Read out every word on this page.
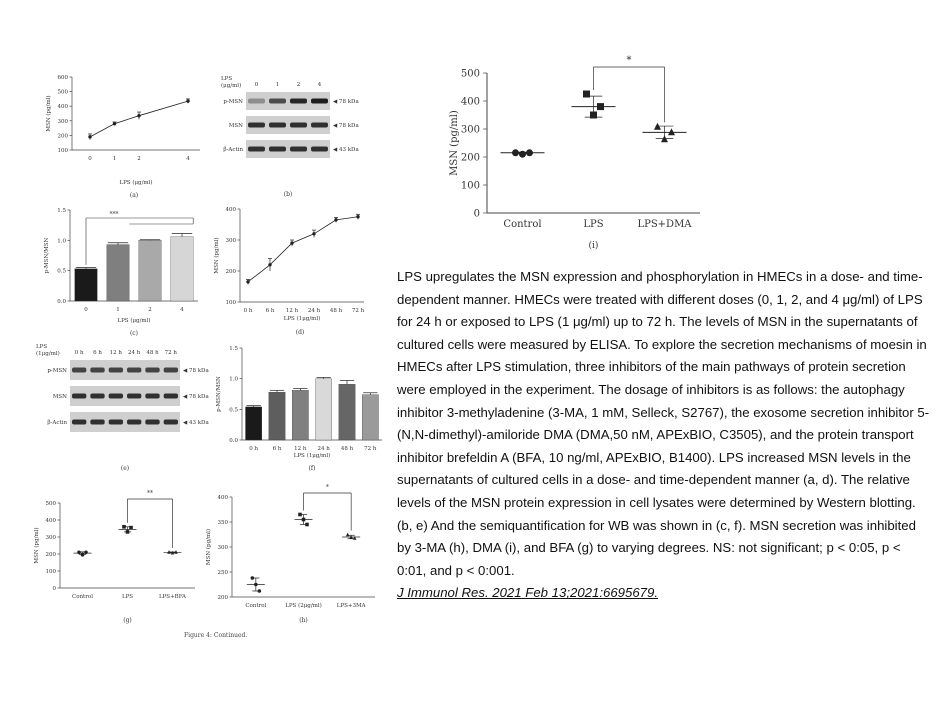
LPS
(μg/ml) 0	1	2	4
p-MSN	◀ 78 kDa
MSN	◀ 78 kDa
β-Actin	◀ 43 kDa
(b)
LPS
(1μg/ml)	0 h 6 h 12 h 24 h 48 h 72 h
p-MSN	◀ 78 kDa
MSN	◀ 78 kDa
β-Actin	◀ 43 kDa
(e)
100
200
300
400
500
600
MSN (pg/ml)
0	1	2	4
LPS (μg/ml)
(a)
0.0
0.5
1.0
1.5
p-MSN/MSN
0	1	2	4
LPS (μg/ml)
(c)
***
100
200
300
400
MSN (pg/ml)
0 h 6 h 12 h 24 h 48 h 72 h
LPS (1μg/ml)
(d)
0.0
0.5
1.0
1.5
p-MSN/MSN
0 h	6 h 12 h 24 h 48 h 72 h
LPS (1μg/ml)
(f)
0
100
200
300
400
500
MSN (pg/ml)
Control	LPS	LPS+BFA
(g)
**
200
250
300
350
400
MSN (pg/ml)
Control	LPS (2μg/ml)	LPS+3MA
(h)
*
0
100
200
300
400
500
MSN (pg/ml)
Control	LPS	LPS+DMA
(i)
*
Figure 4: Continued.

LPS upregulates the MSN expression and phosphorylation in HMECs in a dose- and time-dependent manner. HMECs were treated with different doses (0, 1, 2, and 4 μg/ml) of LPS for 24 h or exposed to LPS (1 μg/ml) up to 72 h. The levels of MSN in the supernatants of cultured cells were measured by ELISA. To explore the secretion mechanisms of moesin in HMECs after LPS stimulation, three inhibitors of the main pathways of protein secretion were employed in the experiment. The dosage of inhibitors is as follows: the autophagy inhibitor 3-methyladenine (3-MA, 1 mM, Selleck, S2767), the exosome secretion inhibitor 5-(N,N-dimethyl)-amiloride DMA (DMA,50 nM, APExBIO, C3505), and the protein transport inhibitor brefeldin A (BFA, 10 ng/ml, APExBIO, B1400). LPS increased MSN levels in the supernatants of cultured cells in a dose- and time-dependent manner (a, d). The relative levels of the MSN protein expression in cell lysates were determined by Western blotting. (b, e) And the semiquantification for WB was shown in (c, f). MSN secretion was inhibited by 3-MA (h), DMA (i), and BFA (g) to varying degrees. NS: not significant; p < 0:05, p < 0:01, and p < 0:001.

J Immunol Res. 2021 Feb 13;2021:6695679.
